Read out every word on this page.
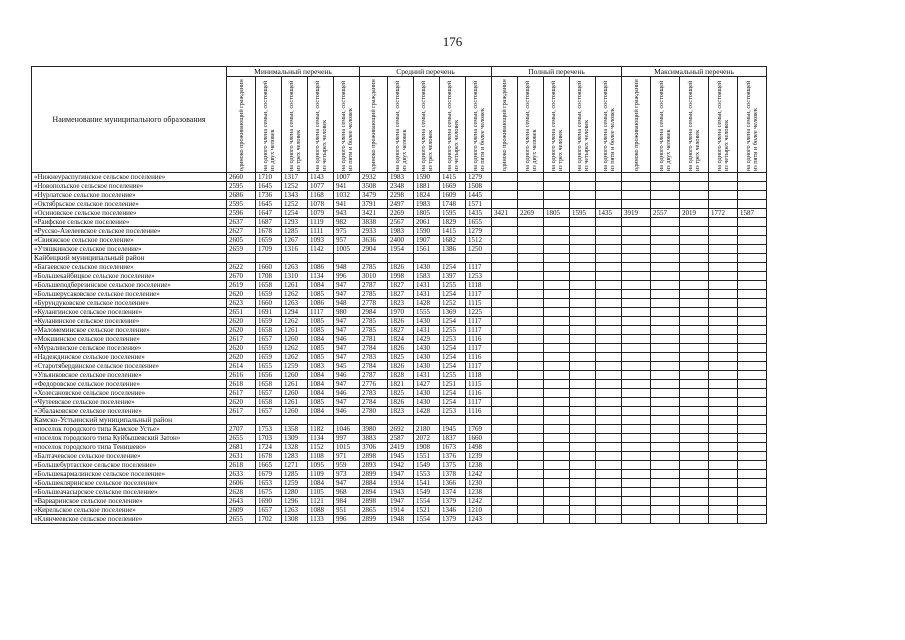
176
Наименование муниципального образования	Минимальный перечень					Средний перечень					Полный перечень					Максимальный перечень				

	одиноко проживающий гражданин	на одного члена семьи, состоящей из двух человек	на одного члена семьи, состоящей из трех человек	на одного члена семьи, состоящей из четырех человек	на одного члена семьи, состоящей из пяти и более человек	одиноко проживающий гражданин	на одного члена семьи, состоящей из двух человек	на одного члена семьи, состоящей из трех человек	на одного члена семьи, состоящей из четырех человек	на одного члена семьи, состоящей из пяти и более человек	одиноко проживающий гражданин	на одного члена семьи, состоящей из двух человек	на одного члена семьи, состоящей из трех человек	на одного члена семьи, состоящей из четырех человек	на одного члена семьи, состоящей из пяти и более человек	одиноко проживающий гражданин	на одного члена семьи, состоящей из двух человек	на одного члена семьи, состоящей из трех человек	на одного члена семьи, состоящей из четырех человек	на одного члена семьи, состоящей из пяти и более человек

«Нижнеураспугинское сельское поселение»	2660	1710	1317	1143	1007	2932	1983	1590	1415	1279										
«Новопольское сельское поселение»	2595	1645	1252	1077	941	3508	2348	1881	1669	1508										
«Нурлатское сельское поселение»	2686	1736	1343	1168	1032	3479	2298	1824	1609	1445										
«Октябрьское сельское поселение»	2595	1645	1252	1078	941	3791	2497	1983	1748	1571										
«Осиновское сельское поселение»	2596	1647	1254	1079	943	3421	2269	1805	1595	1435	3421	2269	1805	1595	1435	3919	2557	2019	1772	1587
«Раифское сельское поселение»	2637	1687	1293	1119	982	3838	2567	2061	1829	1655										
«Русско-Азелеевское сельское поселение»	2627	1678	1285	1111	975	2933	1983	1590	1415	1279										
«Свияжское сельское поселение»	2605	1659	1267	1093	957	3636	2400	1907	1682	1512										
«Утяшкинское сельское поселение»	2659	1709	1316	1142	1005	2904	1954	1561	1386	1250										
Кайбицкий муниципальный район																				
«Багаевское сельское поселение»	2622	1660	1263	1086	948	2785	1826	1430	1254	1117										
«Большекайбицкое сельское поселение»	2670	1708	1310	1134	996	3010	1998	1583	1397	1253										
«Большеподберезинское сельское поселение»	2619	1658	1261	1084	947	2787	1827	1431	1255	1118										
«Большерусаковское сельское поселение»	2620	1659	1262	1085	947	2785	1827	1431	1254	1117										
«Бурундуковское сельское поселение»	2623	1660	1263	1086	948	2778	1823	1428	1252	1115										
«Кулангинское сельское поселение»	2651	1691	1294	1117	980	2984	1970	1555	1369	1225										
«Куланинское сельское поселение»	2620	1659	1262	1085	947	2785	1826	1430	1254	1117										
«Маломеминское сельское поселение»	2620	1658	1261	1085	947	2785	1827	1431	1255	1117										
«Мокшинское сельское поселение»	2617	1657	1260	1084	946	2781	1824	1429	1253	1116										
«Муралинское сельское поселение»	2620	1659	1262	1085	947	2784	1826	1430	1254	1117										
«Надеждинское сельское поселение»	2620	1659	1262	1085	947	2783	1825	1430	1254	1116										
«Старотябердинское сельское поселение»	2614	1655	1259	1083	945	2784	1826	1430	1254	1117										
«Ульянковское сельское поселение»	2616	1656	1260	1084	946	2787	1828	1431	1255	1118										
«Федоровское сельское поселение»	2618	1658	1261	1084	947	2776	1821	1427	1251	1115										
«Хозесановское сельское поселение»	2617	1657	1260	1084	946	2783	1825	1430	1254	1116										
«Чутеевское сельское поселение»	2620	1658	1261	1085	947	2784	1826	1430	1254	1117										
«Эбалаковское сельское поселение»	2617	1657	1260	1084	946	2780	1823	1428	1253	1116										
Камско-Устьинский муниципальный район																				
«поселок городского типа Камское Устье»	2707	1753	1358	1182	1046	3980	2692	2180	1945	1769										
«поселок городского типа Куйбышевский Затон»	2655	1703	1309	1134	997	3883	2587	2072	1837	1660										
«поселок городского типа Тенишево»	2681	1724	1328	1152	1015	3706	2419	1908	1673	1498										
«Балтачевское сельское поселение»	2631	1678	1283	1108	971	2898	1945	1551	1376	1239										
«Большебуртасское сельское поселение»	2618	1665	1271	1095	959	2893	1942	1549	1375	1238										
«Большекармалинское сельское поселение»	2633	1679	1285	1109	973	2899	1947	1553	1378	1242										
«Большекляринское сельское поселение»	2606	1653	1259	1084	947	2884	1934	1541	1366	1230										
«Большеачасырское сельское поселение»	2628	1675	1280	1105	968	2894	1943	1549	1374	1238										
«Варваринское сельское поселение»	2643	1690	1296	1121	984	2898	1947	1554	1379	1242										
«Кирельское сельское поселение»	2609	1657	1263	1088	951	2865	1914	1521	1346	1210										
«Клянчеевское сельское поселение»	2655	1702	1308	1133	996	2899	1948	1554	1379	1243										
